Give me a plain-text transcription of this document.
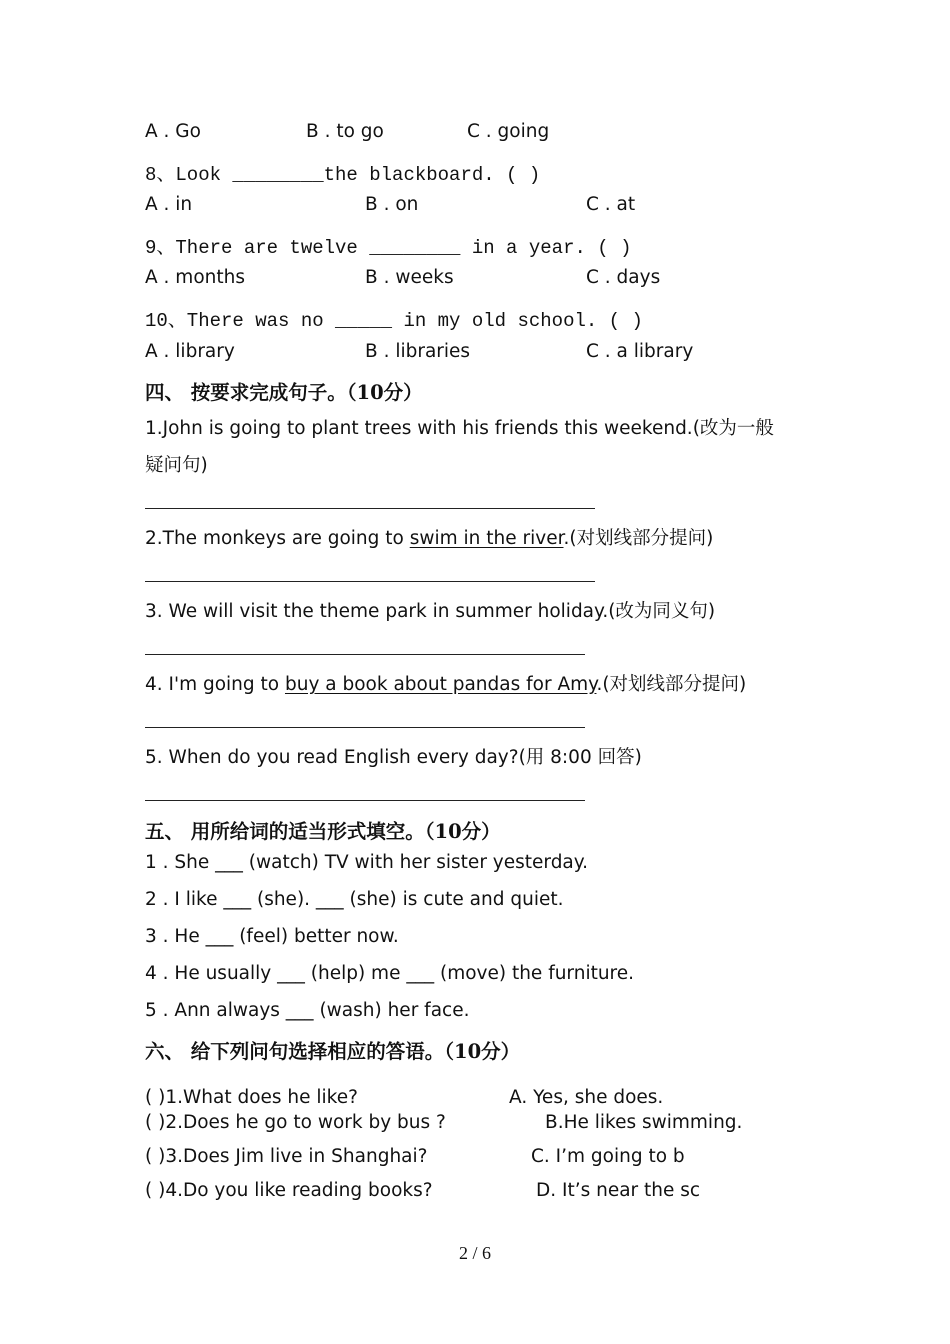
A . Go	B . to go	C . going
8、Look ________the blackboard. ( )
A . in	B . on	C . at
9、There are twelve ________ in a year. ( )
A . months	B . weeks	C . days
10、There was no _____ in my old school. ( )
A . library	B . libraries	C . a library
四、 按要求完成句子。（10分）
1.John is going to plant trees with his friends this weekend.(改为一般
疑问句)
2.The monkeys are going to swim in the river.(对划线部分提问)
3. We will visit the theme park in summer holiday.(改为同义句)
4. I'm going to buy a book about pandas for Amy.(对划线部分提问)
5. When do you read English every day?(用 8:00 回答)
五、 用所给词的适当形式填空。（10分）
1 . She ___ (watch) TV with her sister yesterday.
2 . I like ___ (she). ___ (she) is cute and quiet.
3 . He ___ (feel) better now.
4 . He usually ___ (help) me ___ (move) the furniture.
5 . Ann always ___ (wash) her face.
六、 给下列问句选择相应的答语。（10分）
( )1.What does he like?	A. Yes, she does.
( )2.Does he go to work by bus ?	B.He likes swimming.
( )3.Does Jim live in Shanghai?	C. I’m going to b
( )4.Do you like reading books?	D. It’s near the sc
2 / 6
